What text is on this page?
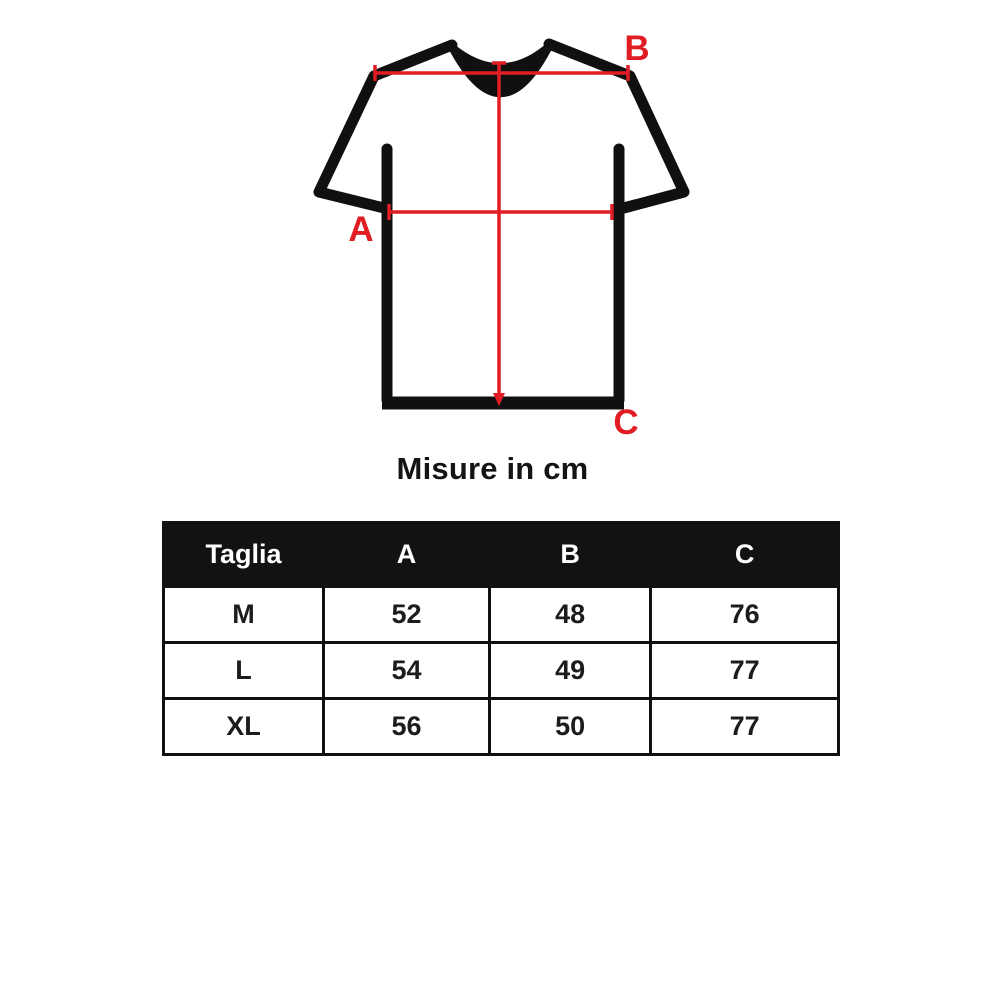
A
B
C
Misure in cm
Taglia	A	B	C
M	52	48	76
L	54	49	77
XL	56	50	77
